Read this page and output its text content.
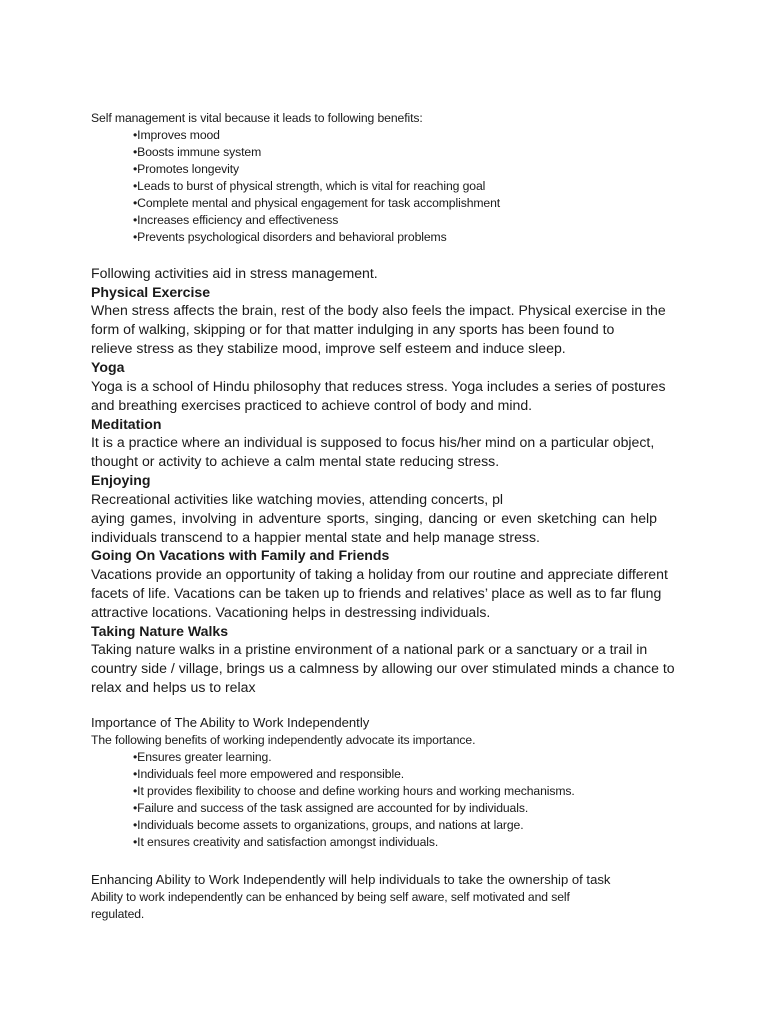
Self management is vital because it leads to following benefits:

•Improves mood

•Boosts immune system

•Promotes longevity

•Leads to burst of physical strength, which is vital for reaching goal

•Complete mental and physical engagement for task accomplishment

•Increases efficiency and effectiveness

•Prevents psychological disorders and behavioral problems

Following activities aid in stress management.

Physical Exercise

When stress affects the brain, rest of the body also feels the impact. Physical exercise in the

form of walking, skipping or for that matter indulging in any sports has been found to

relieve stress as they stabilize mood, improve self esteem and induce sleep.

Yoga

Yoga is a school of Hindu philosophy that reduces stress. Yoga includes a series of postures

and breathing exercises practiced to achieve control of body and mind.

Meditation

It is a practice where an individual is supposed to focus his/her mind on a particular object,

thought or activity to achieve a calm mental state reducing stress.

Enjoying

Recreational activities like watching movies, attending concerts, pl

aying games, involving in adventure sports, singing, dancing or even sketching can help

individuals transcend to a happier mental state and help manage stress.

Going On Vacations with Family and Friends

Vacations provide an opportunity of taking a holiday from our routine and appreciate different

facets of life. Vacations can be taken up to friends and relatives’ place as well as to far flung

attractive locations. Vacationing helps in destressing individuals.

Taking Nature Walks

Taking nature walks in a pristine environment of a national park or a sanctuary or a trail in

country side / village, brings us a calmness by allowing our over stimulated minds a chance to

relax and helps us to relax

Importance of The Ability to Work Independently

The following benefits of working independently advocate its importance.

•Ensures greater learning.

•Individuals feel more empowered and responsible.

•It provides flexibility to choose and define working hours and working mechanisms.

•Failure and success of the task assigned are accounted for by individuals.

•Individuals become assets to organizations, groups, and nations at large.

•It ensures creativity and satisfaction amongst individuals.

Enhancing Ability to Work Independently will help individuals to take the ownership of task

Ability to work independently can be enhanced by being self aware, self motivated and self

regulated.
